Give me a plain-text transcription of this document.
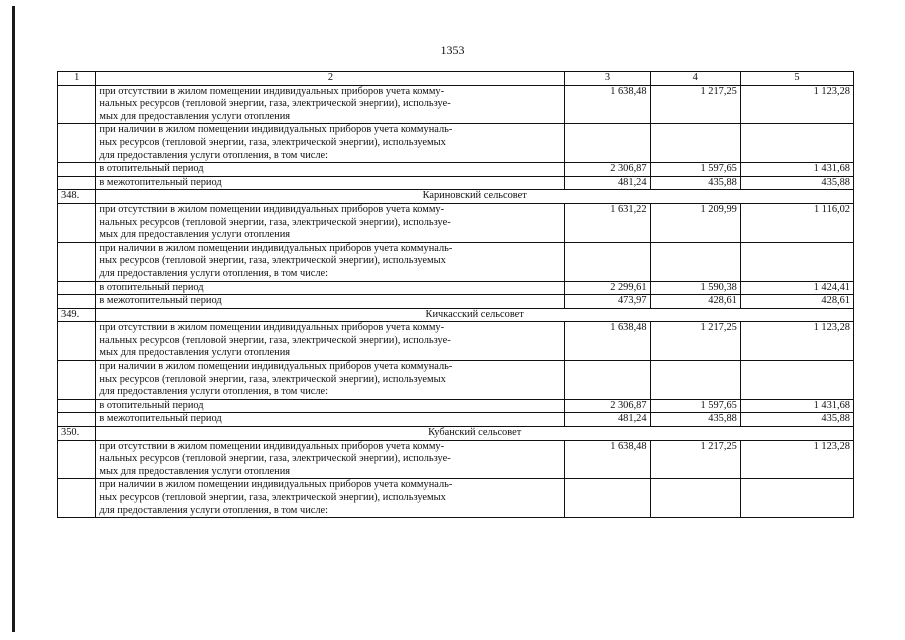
1353
1	2	3	4	5

	при отсутствии в жилом помещении индивидуальных приборов учета комму-
нальных ресурсов (тепловой энергии, газа, электрической энергии), используе-
мых для предоставления услуги отопления	1 638,48	1 217,25	1 123,28

	при наличии в жилом помещении индивидуальных приборов учета коммуналь-
ных ресурсов (тепловой энергии, газа, электрической энергии), используемых
для предоставления услуги отопления, в том числе:			

	в отопительный период	2 306,87	1 597,65	1 431,68

	в межотопительный период	481,24	435,88	435,88
348.	Кариновский сельсовет			

	при отсутствии в жилом помещении индивидуальных приборов учета комму-
нальных ресурсов (тепловой энергии, газа, электрической энергии), используе-
мых для предоставления услуги отопления	1 631,22	1 209,99	1 116,02

	при наличии в жилом помещении индивидуальных приборов учета коммуналь-
ных ресурсов (тепловой энергии, газа, электрической энергии), используемых
для предоставления услуги отопления, в том числе:			

	в отопительный период	2 299,61	1 590,38	1 424,41

	в межотопительный период	473,97	428,61	428,61
349.	Кичкасский сельсовет			

	при отсутствии в жилом помещении индивидуальных приборов учета комму-
нальных ресурсов (тепловой энергии, газа, электрической энергии), используе-
мых для предоставления услуги отопления	1 638,48	1 217,25	1 123,28

	при наличии в жилом помещении индивидуальных приборов учета коммуналь-
ных ресурсов (тепловой энергии, газа, электрической энергии), используемых
для предоставления услуги отопления, в том числе:			

	в отопительный период	2 306,87	1 597,65	1 431,68

	в межотопительный период	481,24	435,88	435,88
350.	Кубанский сельсовет			

	при отсутствии в жилом помещении индивидуальных приборов учета комму-
нальных ресурсов (тепловой энергии, газа, электрической энергии), используе-
мых для предоставления услуги отопления	1 638,48	1 217,25	1 123,28

	при наличии в жилом помещении индивидуальных приборов учета коммуналь-
ных ресурсов (тепловой энергии, газа, электрической энергии), используемых
для предоставления услуги отопления, в том числе:			
